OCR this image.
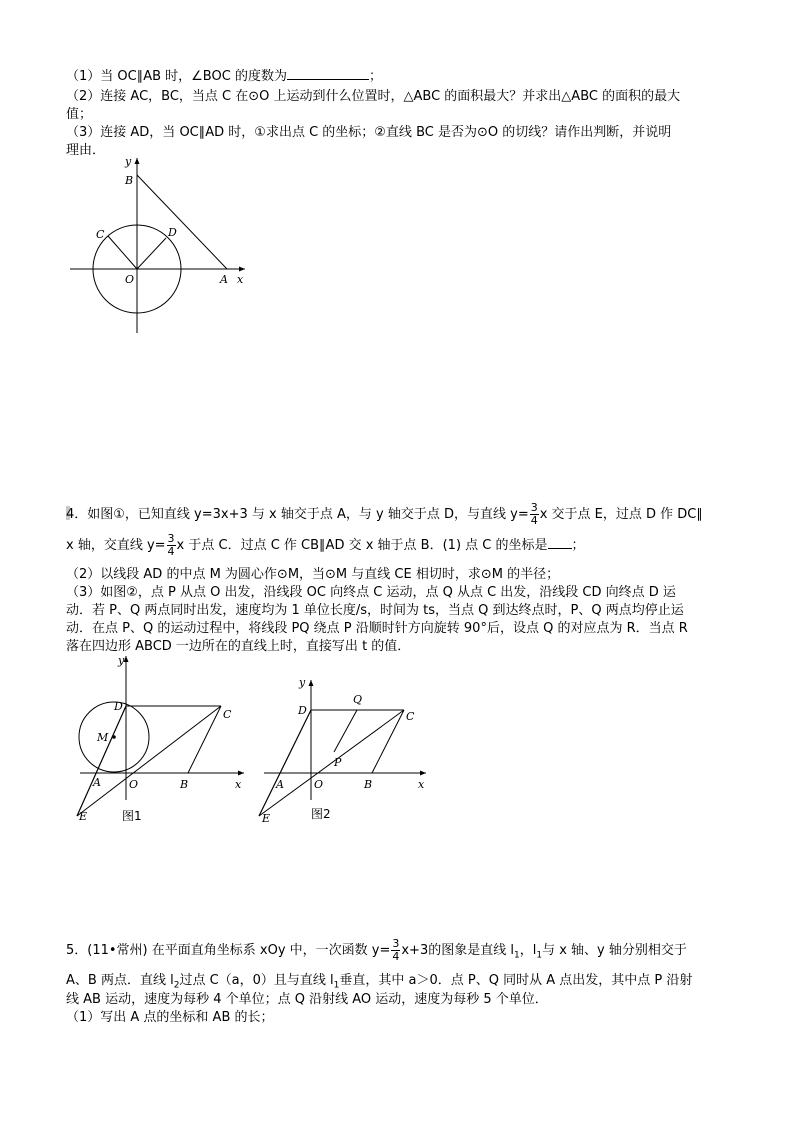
（1）当 OC∥AB 时，∠BOC 的度数为	；
（2）连接 AC，BC，当点 C 在⊙O 上运动到什么位置时，△ABC 的面积最大？并求出△ABC 的面积的最大
值；
（3）连接 AD，当 OC∥AD 时，①求出点 C 的坐标；②直线 BC 是否为⊙O 的切线？请作出判断，并说明
理由．
y
B
C	D
O	A x
4．如图①，已知直线 y=3x+3 与 x 轴交于点 A，与 y 轴交于点 D，与直线 $y= \frac{3}{4}$ x 交于点 E，过点 D 作 DC∥
x 轴，交直线 $y= \frac{3}{4}$ x 于点 C．过点 C 作 CB∥AD 交 x 轴于点 B．(1) 点 C 的坐标是 ；
（2）以线段 AD 的中点 M 为圆心作⊙M，当⊙M 与直线 CE 相切时，求⊙M 的半径；
（3）如图②，点 P 从点 O 出发，沿线段 OC 向终点 C 运动，点 Q 从点 C 出发，沿线段 CD 向终点 D 运
动．若 P、Q 两点同时出发，速度均为 1 单位长度/s，时间为 ts，当点 Q 到达终点时，P、Q 两点均停止运
动．在点 P、Q 的运动过程中，将线段 PQ 绕点 P 沿顺时针方向旋转 90°后，设点 Q 的对应点为 R．当点 R
落在四边形 ABCD 一边所在的直线上时，直接写出 t 的值．
y
D
C
M
A	O	B	x
E	图1
y
Q
D	C
P
A	O	B	x
E	图2
5．(11•常州) 在平面直角坐标系 xOy 中，一次函数 $y= \frac{3}{4} x+3$的图象是直线 $l_1$，$l_1$与 x 轴、y 轴分别相交于
A、B 两点．直线 $l_2$过点 C（a，0）且与直线 $l_1$垂直，其中 a＞0．点 P、Q 同时从 A 点出发，其中点 P 沿射
线 AB 运动，速度为每秒 4 个单位；点 Q 沿射线 AO 运动，速度为每秒 5 个单位．
（1）写出 A 点的坐标和 AB 的长；
